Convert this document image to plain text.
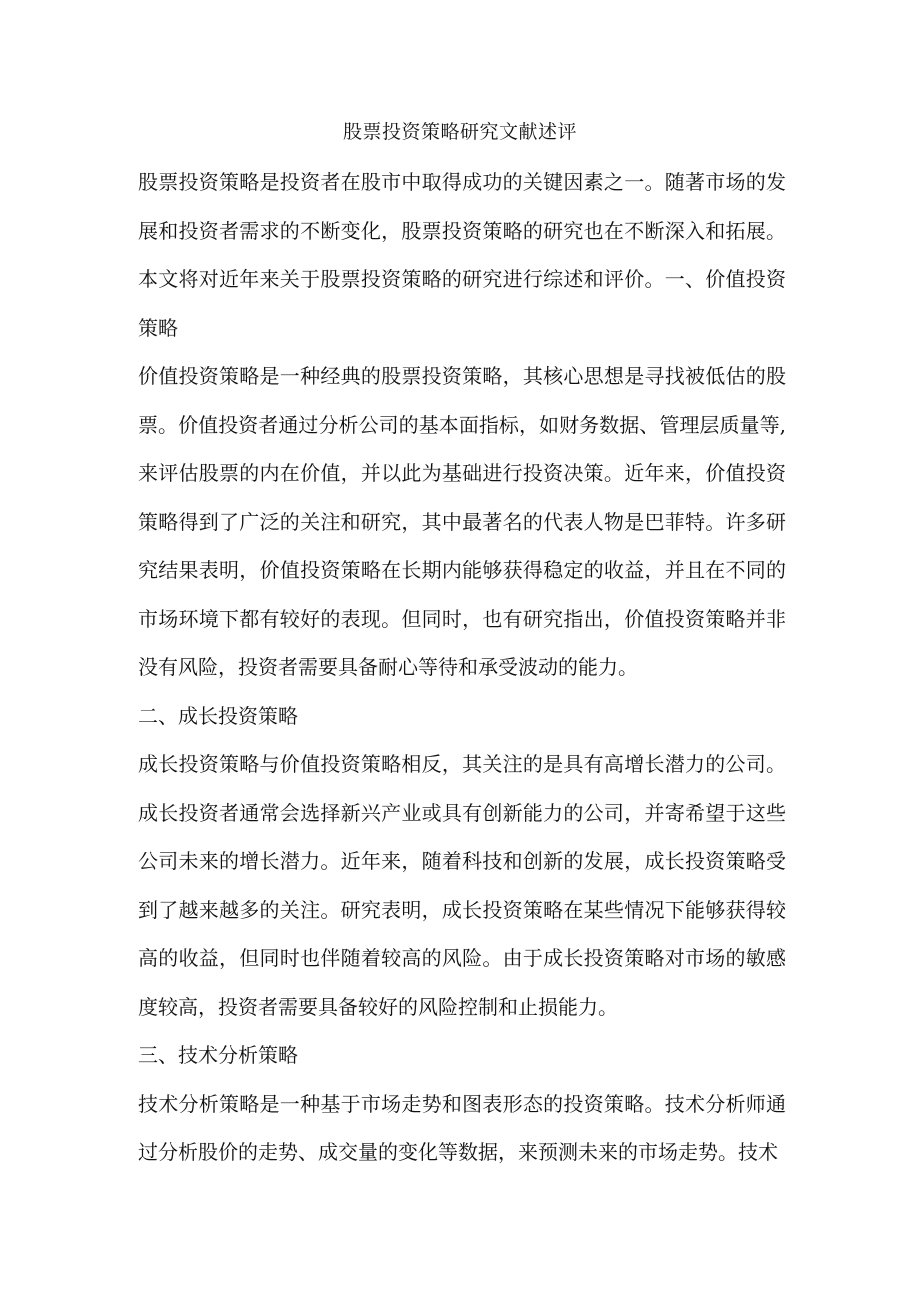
股票投资策略研究文献述评

股票投资策略是投资者在股市中取得成功的关键因素之一。随著市场的发展和投资者需求的不断变化，股票投资策略的研究也在不断深入和拓展。本文将对近年来关于股票投资策略的研究进行综述和评价。一、价值投资策略

价值投资策略是一种经典的股票投资策略，其核心思想是寻找被低估的股票。价值投资者通过分析公司的基本面指标，如财务数据、管理层质量等,来评估股票的内在价值，并以此为基础进行投资决策。近年来，价值投资策略得到了广泛的关注和研究，其中最著名的代表人物是巴菲特。许多研究结果表明，价值投资策略在长期内能够获得稳定的收益，并且在不同的市场环境下都有较好的表现。但同时，也有研究指出，价值投资策略并非没有风险，投资者需要具备耐心等待和承受波动的能力。

二、成长投资策略

成长投资策略与价值投资策略相反，其关注的是具有高增长潜力的公司。成长投资者通常会选择新兴产业或具有创新能力的公司，并寄希望于这些公司未来的增长潜力。近年来，随着科技和创新的发展，成长投资策略受到了越来越多的关注。研究表明，成长投资策略在某些情况下能够获得较高的收益，但同时也伴随着较高的风险。由于成长投资策略对市场的敏感度较高，投资者需要具备较好的风险控制和止损能力。

三、技术分析策略

技术分析策略是一种基于市场走势和图表形态的投资策略。技术分析师通过分析股价的走势、成交量的变化等数据，来预测未来的市场走势。技术
